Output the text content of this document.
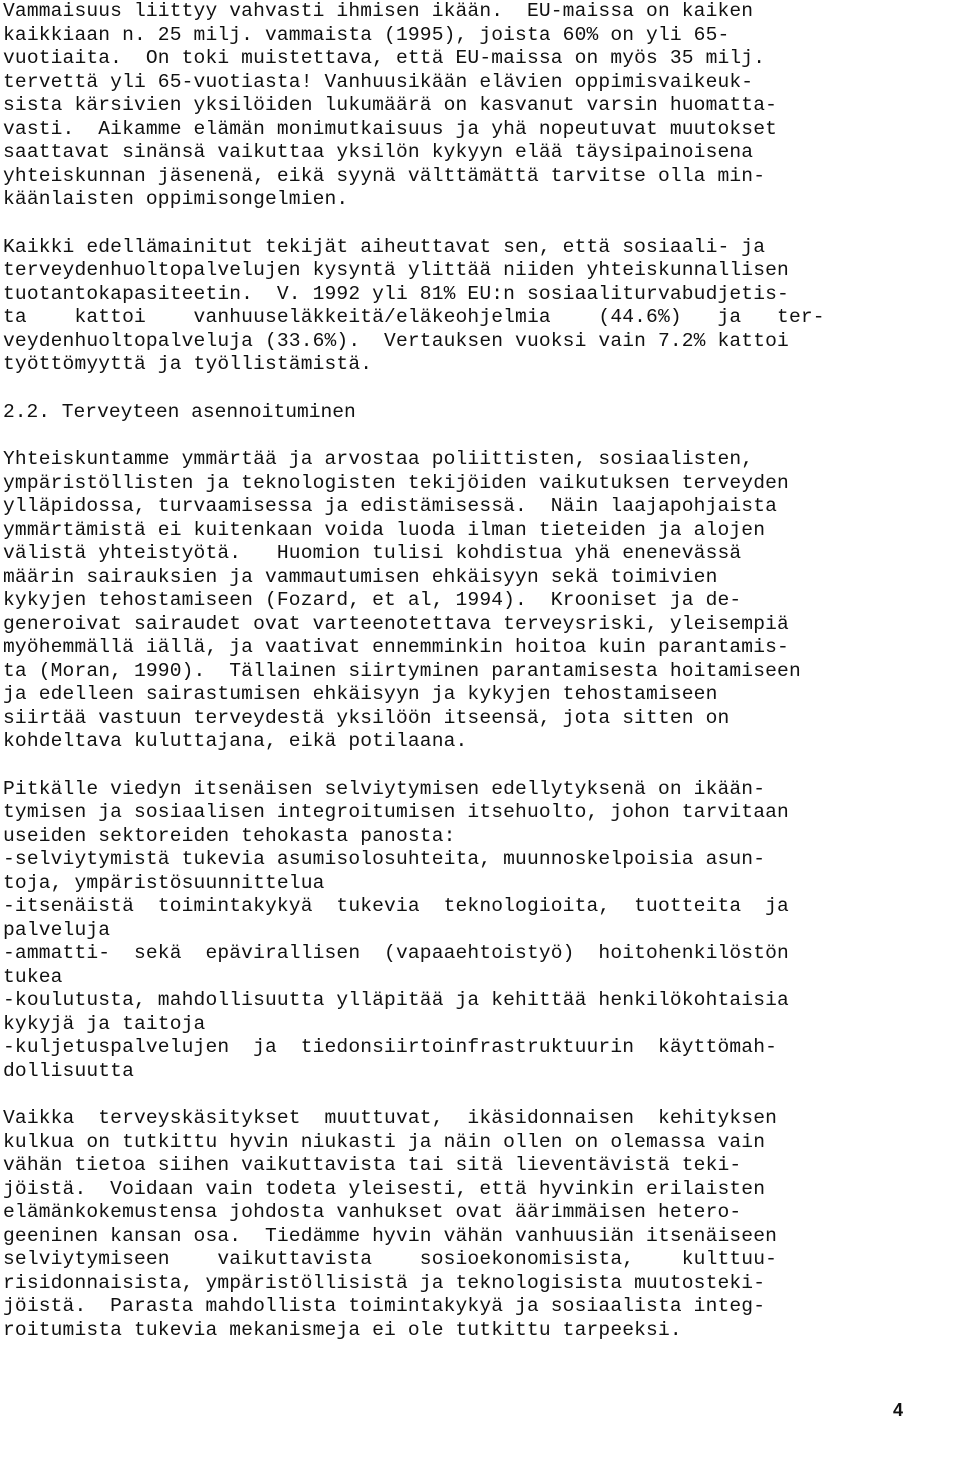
Vammaisuus liittyy vahvasti ihmisen ikään.  EU-maissa on kaiken
kaikkiaan n. 25 milj. vammaista (1995), joista 60% on yli 65-
vuotiaita.  On toki muistettava, että EU-maissa on myös 35 milj.
tervettä yli 65-vuotiasta! Vanhuusikään elävien oppimisvaikeuk-
sista kärsivien yksilöiden lukumäärä on kasvanut varsin huomatta-
vasti.  Aikamme elämän monimutkaisuus ja yhä nopeutuvat muutokset
saattavat sinänsä vaikuttaa yksilön kykyyn elää täysipainoisena
yhteiskunnan jäsenenä, eikä syynä välttämättä tarvitse olla min-
käänlaisten oppimisongelmien.

Kaikki edellämainitut tekijät aiheuttavat sen, että sosiaali- ja
terveydenhuoltopalvelujen kysyntä ylittää niiden yhteiskunnallisen
tuotantokapasiteetin.  V. 1992 yli 81% EU:n sosiaaliturvabudjetis-
ta    kattoi    vanhuuseläkkeitä/eläkeohjelmia    (44.6%)   ja   ter-
veydenhuoltopalveluja (33.6%).  Vertauksen vuoksi vain 7.2% kattoi
työttömyyttä ja työllistämistä.

2.2. Terveyteen asennoituminen

Yhteiskuntamme ymmärtää ja arvostaa poliittisten, sosiaalisten,
ympäristöllisten ja teknologisten tekijöiden vaikutuksen terveyden
ylläpidossa, turvaamisessa ja edistämisessä.  Näin laajapohjaista
ymmärtämistä ei kuitenkaan voida luoda ilman tieteiden ja alojen
välistä yhteistyötä.   Huomion tulisi kohdistua yhä enenevässä
määrin sairauksien ja vammautumisen ehkäisyyn sekä toimivien
kykyjen tehostamiseen (Fozard, et al, 1994).  Krooniset ja de-
generoivat sairaudet ovat varteenotettava terveysriski, yleisempiä
myöhemmällä iällä, ja vaativat ennemminkin hoitoa kuin parantamis-
ta (Moran, 1990).  Tällainen siirtyminen parantamisesta hoitamiseen
ja edelleen sairastumisen ehkäisyyn ja kykyjen tehostamiseen
siirtää vastuun terveydestä yksilöön itseensä, jota sitten on
kohdeltava kuluttajana, eikä potilaana.

Pitkälle viedyn itsenäisen selviytymisen edellytyksenä on ikään-
tymisen ja sosiaalisen integroitumisen itsehuolto, johon tarvitaan
useiden sektoreiden tehokasta panosta:
-selviytymistä tukevia asumisolosuhteita, muunnoskelpoisia asun-
toja, ympäristösuunnittelua
-itsenäistä  toimintakykyä  tukevia  teknologioita,  tuotteita  ja
palveluja
-ammatti-  sekä  epävirallisen  (vapaaehtoistyö)  hoitohenkilöstön
tukea
-koulutusta, mahdollisuutta ylläpitää ja kehittää henkilökohtaisia
kykyjä ja taitoja
-kuljetuspalvelujen  ja  tiedonsiirtoinfrastruktuurin  käyttömah-
dollisuutta

Vaikka  terveyskäsitykset  muuttuvat,  ikäsidonnaisen  kehityksen
kulkua on tutkittu hyvin niukasti ja näin ollen on olemassa vain
vähän tietoa siihen vaikuttavista tai sitä lieventävistä teki-
jöistä.  Voidaan vain todeta yleisesti, että hyvinkin erilaisten
elämänkokemustensa johdosta vanhukset ovat äärimmäisen hetero-
geeninen kansan osa.  Tiedämme hyvin vähän vanhuusiän itsenäiseen
selviytymiseen    vaikuttavista    sosioekonomisista,    kulttuu-
risidonnaisista, ympäristöllisistä ja teknologisista muutosteki-
jöistä.  Parasta mahdollista toimintakykyä ja sosiaalista integ-
roitumista tukevia mekanismeja ei ole tutkittu tarpeeksi.

4
